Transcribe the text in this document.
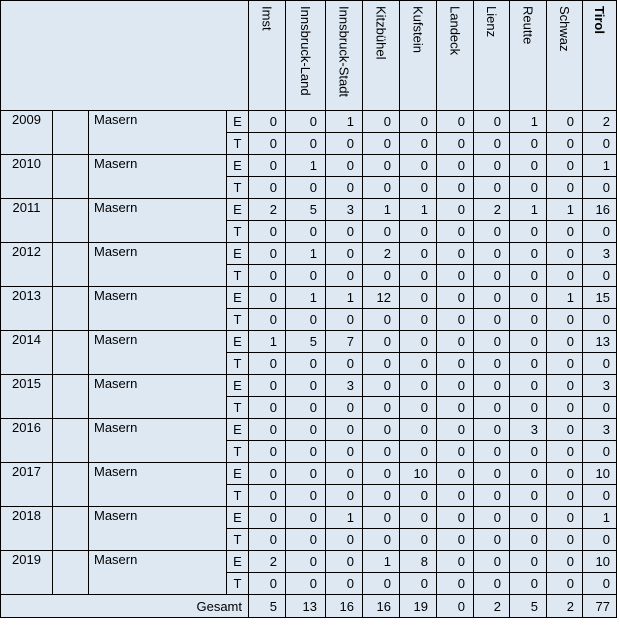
				Imst	Innsbruck-Land	Innsbruck-Stadt	Kitzbühel	Kufstein	Landeck	Lienz	Reutte	Schwaz	Tirol
2009		Masern	E	0	0	1	0	0	0	0	1	0	2
			T	0	0	0	0	0	0	0	0	0	0
2010		Masern	E	0	1	0	0	0	0	0	0	0	1
			T	0	0	0	0	0	0	0	0	0	0
2011		Masern	E	2	5	3	1	1	0	2	1	1	16
			T	0	0	0	0	0	0	0	0	0	0
2012		Masern	E	0	1	0	2	0	0	0	0	0	3
			T	0	0	0	0	0	0	0	0	0	0
2013		Masern	E	0	1	1	12	0	0	0	0	1	15
			T	0	0	0	0	0	0	0	0	0	0
2014		Masern	E	1	5	7	0	0	0	0	0	0	13
			T	0	0	0	0	0	0	0	0	0	0
2015		Masern	E	0	0	3	0	0	0	0	0	0	3
			T	0	0	0	0	0	0	0	0	0	0
2016		Masern	E	0	0	0	0	0	0	0	3	0	3
			T	0	0	0	0	0	0	0	0	0	0
2017		Masern	E	0	0	0	0	10	0	0	0	0	10
			T	0	0	0	0	0	0	0	0	0	0
2018		Masern	E	0	0	1	0	0	0	0	0	0	1
			T	0	0	0	0	0	0	0	0	0	0
2019		Masern	E	2	0	0	1	8	0	0	0	0	10
			T	0	0	0	0	0	0	0	0	0	0
Gesamt				5	13	16	16	19	0	2	5	2	77
